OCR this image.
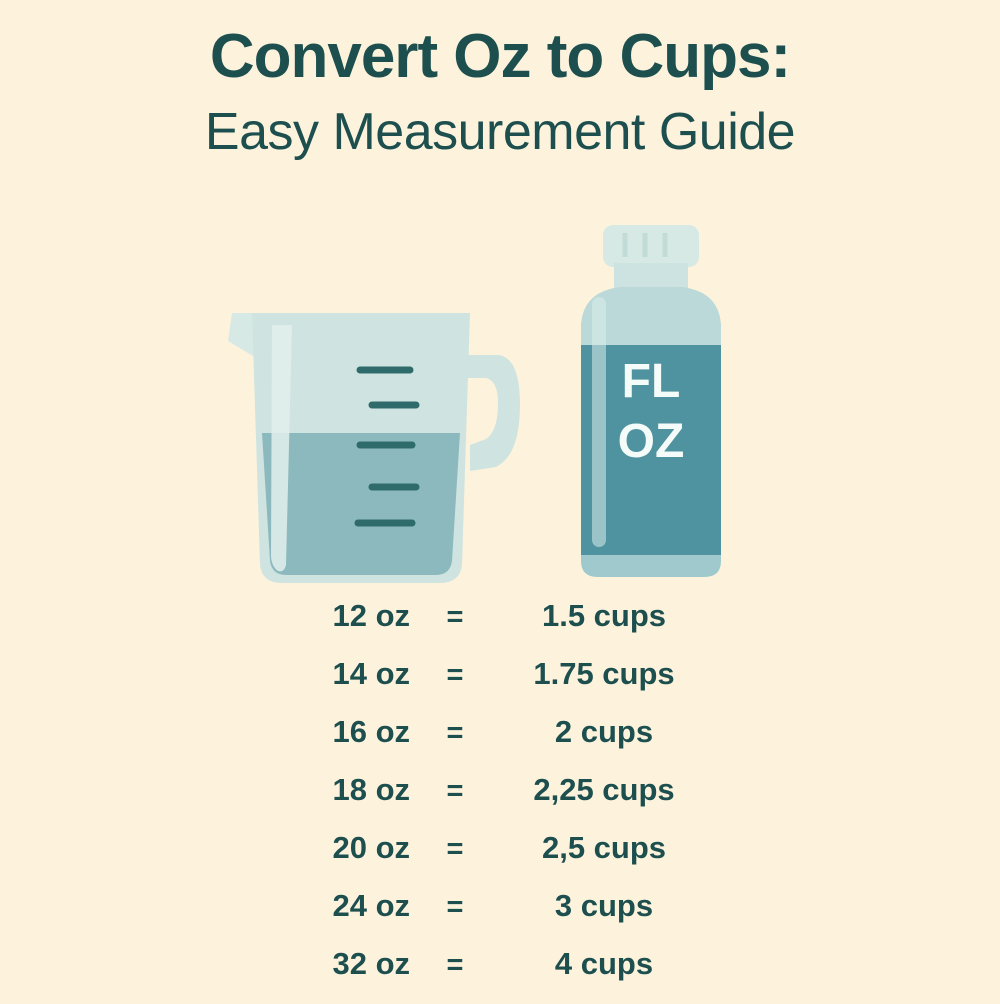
Convert Oz to Cups:
Easy Measurement Guide
FL
OZ
12 oz	=	1.5 cups
14 oz	=	1.75 cups
16 oz	=	2 cups
18 oz	=	2,25 cups
20 oz	=	2,5 cups
24 oz	=	3 cups
32 oz	=	4 cups
